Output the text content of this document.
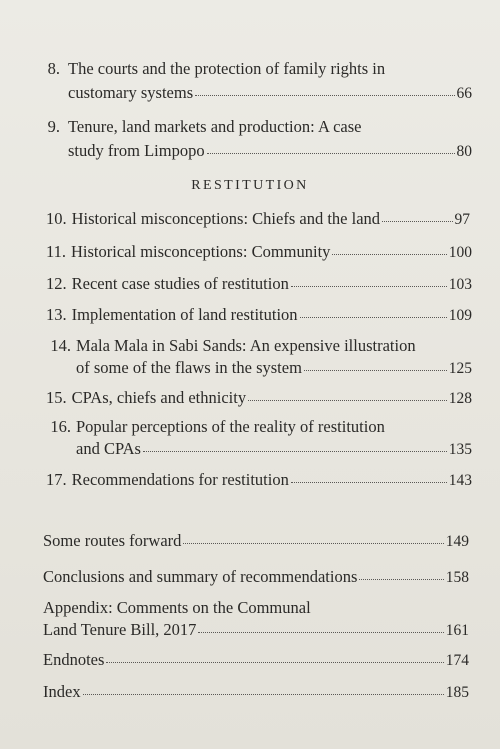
8. The courts and the protection of family rights in
customary systems	66
9. Tenure, land markets and production: A case
study from Limpopo	80
RESTITUTION
10. Historical misconceptions: Chiefs and the land	97
11. Historical misconceptions: Community	100
12. Recent case studies of restitution	103
13. Implementation of land restitution	109
14. Mala Mala in Sabi Sands: An expensive illustration
of some of the flaws in the system	125
15. CPAs, chiefs and ethnicity	128
16. Popular perceptions of the reality of restitution
and CPAs	135
17. Recommendations for restitution	143
Some routes forward	149
Conclusions and summary of recommendations	158
Appendix: Comments on the Communal
Land Tenure Bill, 2017	161
Endnotes	174
Index	185
